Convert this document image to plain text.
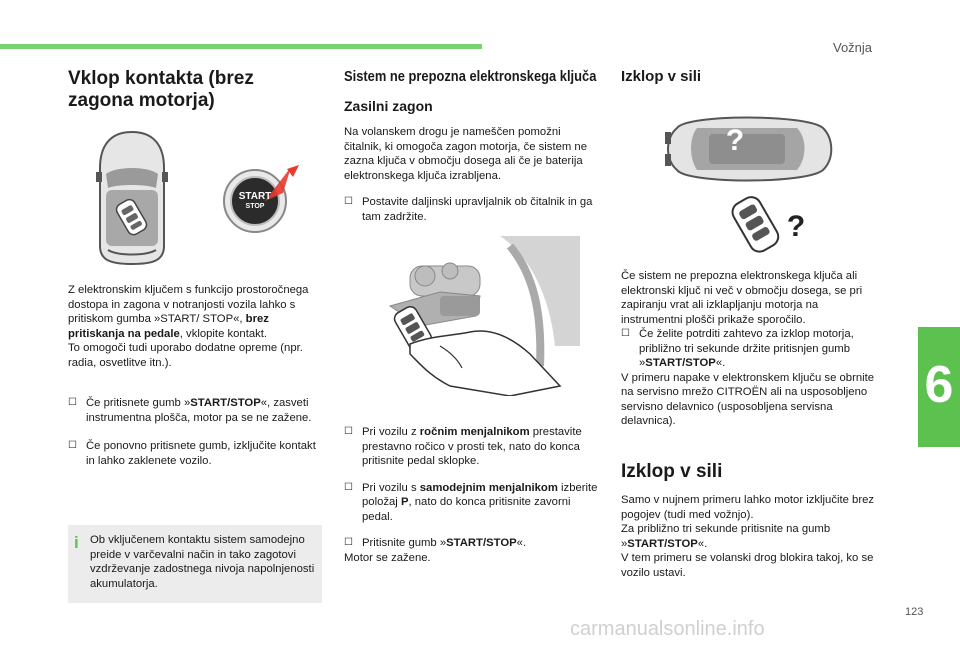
Vožnja
6
123
carmanualsonline.info
Vklop kontakta (brez
zagona motorja)
START
STOP

Z elektronskim ključem s funkcijo prostoročnega dostopa in zagona v notranjosti vozila lahko s pritiskom gumba »START/ STOP«, brez pritiskanja na pedale, vklopite kontakt.

To omogoči tudi uporabo dodatne opreme (npr. radia, osvetlitve itn.).

☐ Če pritisnete gumb »START/STOP«, zasveti instrumentna plošča, motor pa se ne zažene.
☐ Če ponovno pritisnete gumb, izključite kontakt in lahko zaklenete vozilo.
i Ob vključenem kontaktu sistem samodejno preide v varčevalni način in tako zagotovi vzdrževanje zadostnega nivoja napolnjenosti akumulatorja.
Sistem ne prepozna elektronskega ključa
Zasilni zagon

Na volanskem drogu je nameščen pomožni čitalnik, ki omogoča zagon motorja, če sistem ne zazna ključa v območju dosega ali če je baterija elektronskega ključa izrabljena.

☐ Postavite daljinski upravljalnik ob čitalnik in ga tam zadržite.
☐ Pri vozilu z ročnim menjalnikom prestavite prestavno ročico v prosti tek, nato do konca pritisnite pedal sklopke.
☐ Pri vozilu s samodejnim menjalnikom izberite položaj P, nato do konca pritisnite zavorni pedal.
☐ Pritisnite gumb »START/STOP«.

Motor se zažene.

Izklop v sili
?
?

Če sistem ne prepozna elektronskega ključa ali elektronski ključ ni več v območju dosega, se pri zapiranju vrat ali izklapljanju motorja na instrumentni plošči prikaže sporočilo.

☐ Če želite potrditi zahtevo za izklop motorja, približno tri sekunde držite pritisnjen gumb »START/STOP«.

V primeru napake v elektronskem ključu se obrnite na servisno mrežo CITROËN ali na usposobljeno servisno delavnico (usposobljena servisna delavnica).

Izklop v sili

Samo v nujnem primeru lahko motor izključite brez pogojev (tudi med vožnjo).

Za približno tri sekunde pritisnite na gumb »START/STOP«.

V tem primeru se volanski drog blokira takoj, ko se vozilo ustavi.
